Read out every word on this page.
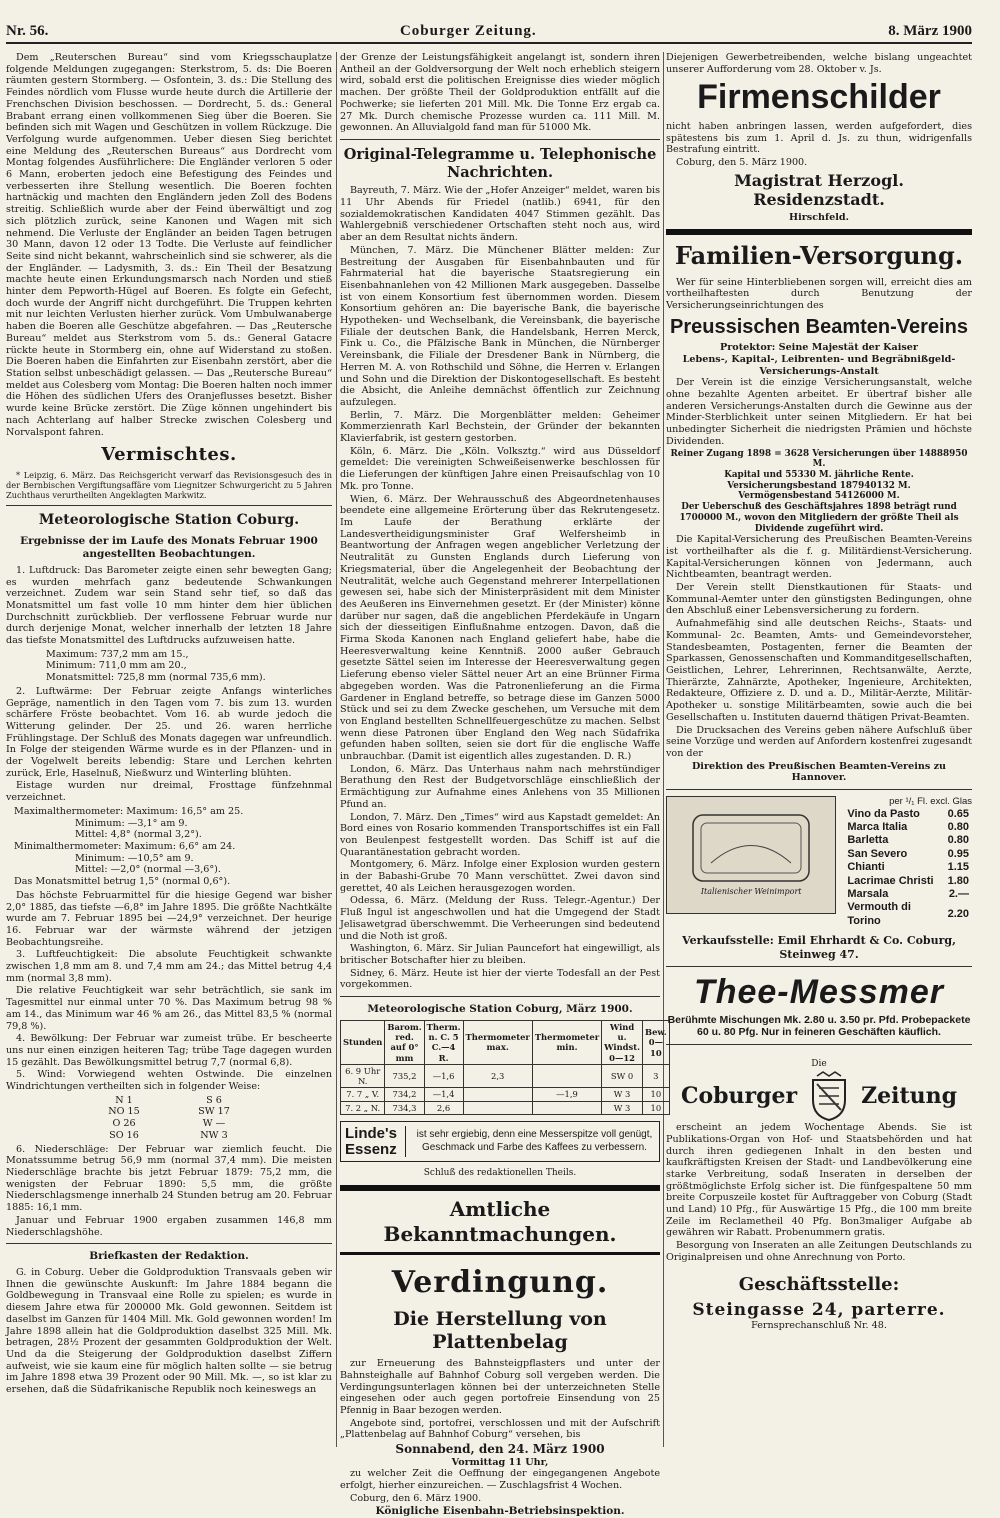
Nr. 56.	Coburger Zeitung.	8. März 1900

Dem „Reuterschen Bureau“ sind vom Kriegsschauplatze folgende Meldungen zugegangen: Sterkstrom, 5. ds: Die Boeren räumten gestern Stormberg. — Osfontein, 3. ds.: Die Stellung des Feindes nördlich vom Flusse wurde heute durch die Artillerie der Frenchschen Division beschossen. — Dordrecht, 5. ds.: General Brabant errang einen vollkommenen Sieg über die Boeren. Sie befinden sich mit Wagen und Geschützen in vollem Rückzuge. Die Verfolgung wurde aufgenommen. Ueber diesen Sieg berichtet eine Meldung des „Reuterschen Bureaus“ aus Dordrecht vom Montag folgendes Ausführlichere: Die Engländer verloren 5 oder 6 Mann, eroberten jedoch eine Befestigung des Feindes und verbesserten ihre Stellung wesentlich. Die Boeren fochten hartnäckig und machten den Engländern jeden Zoll des Bodens streitig. Schließlich wurde aber der Feind überwältigt und zog sich plötzlich zurück, seine Kanonen und Wagen mit sich nehmend. Die Verluste der Engländer an beiden Tagen betrugen 30 Mann, davon 12 oder 13 Todte. Die Verluste auf feindlicher Seite sind nicht bekannt, wahrscheinlich sind sie schwerer, als die der Engländer. — Ladysmith, 3. ds.: Ein Theil der Besatzung machte heute einen Erkundungsmarsch nach Norden und stieß hinter dem Pepworth-Hügel auf Boeren. Es folgte ein Gefecht, doch wurde der Angriff nicht durchgeführt. Die Truppen kehrten mit nur leichten Verlusten hierher zurück. Vom Umbulwanaberge haben die Boeren alle Geschütze abgefahren. — Das „Reutersche Bureau“ meldet aus Sterkstrom vom 5. ds.: General Gatacre rückte heute in Stormberg ein, ohne auf Widerstand zu stoßen. Die Boeren haben die Einfahrten zur Eisenbahn zerstört, aber die Station selbst unbeschädigt gelassen. — Das „Reutersche Bureau“ meldet aus Colesberg vom Montag: Die Boeren halten noch immer die Höhen des südlichen Ufers des Oranjeflusses besetzt. Bisher wurde keine Brücke zerstört. Die Züge können ungehindert bis nach Achterlang auf halber Strecke zwischen Colesberg und Norvalspont fahren.

Vermischtes.

* Leipzig, 6. März. Das Reichsgericht verwarf das Revisionsgesuch des in der Bernbischen Vergiftungsaffäre vom Liegnitzer Schwurgericht zu 5 Jahren Zuchthaus verurtheilten Angeklagten Markwitz.

Meteorologische Station Coburg.
Ergebnisse der im Laufe des Monats Februar 1900 angestellten Beobachtungen.

1. Luftdruck: Das Barometer zeigte einen sehr bewegten Gang; es wurden mehrfach ganz bedeutende Schwankungen verzeichnet. Zudem war sein Stand sehr tief, so daß das Monatsmittel um fast volle 10 mm hinter dem hier üblichen Durchschnitt zurückblieb. Der verflossene Februar wurde nur durch derjenige Monat, welcher innerhalb der letzten 18 Jahre das tiefste Monatsmittel des Luftdrucks aufzuweisen hatte.

Maximum: 737,2 mm am 15.,
Minimum: 711,0 mm am 20.,
Monatsmittel: 725,8 mm (normal 735,6 mm).

2. Luftwärme: Der Februar zeigte Anfangs winterliches Gepräge, namentlich in den Tagen vom 7. bis zum 13. wurden schärfere Fröste beobachtet. Vom 16. ab wurde jedoch die Witterung gelinder. Der 25. und 26. waren herrliche Frühlingstage. Der Schluß des Monats dagegen war unfreundlich. In Folge der steigenden Wärme wurde es in der Pflanzen- und in der Vogelwelt bereits lebendig: Stare und Lerchen kehrten zurück, Erle, Haselnuß, Nießwurz und Winterling blühten.

Eistage wurden nur dreimal, Frosttage fünfzehnmal verzeichnet.

Maximalthermometer: Maximum: 16,5° am 25.
Minimum: —3,1° am 9.
Mittel: 4,8° (normal 3,2°).
Minimalthermometer: Maximum: 6,6° am 24.
Minimum: —10,5° am 9.
Mittel: —2,0° (normal —3,6°).
Das Monatsmittel betrug 1,5° (normal 0,6°).

Das höchste Februarmittel für die hiesige Gegend war bisher 2,0° 1885, das tiefste —6,8° im Jahre 1895. Die größte Nachtkälte wurde am 7. Februar 1895 bei —24,9° verzeichnet. Der heurige 16. Februar war der wärmste während der jetzigen Beobachtungsreihe.

3. Luftfeuchtigkeit: Die absolute Feuchtigkeit schwankte zwischen 1,8 mm am 8. und 7,4 mm am 24.; das Mittel betrug 4,4 mm (normal 3,8 mm).

Die relative Feuchtigkeit war sehr beträchtlich, sie sank im Tagesmittel nur einmal unter 70 %. Das Maximum betrug 98 % am 14., das Minimum war 46 % am 26., das Mittel 83,5 % (normal 79,8 %).

4. Bewölkung: Der Februar war zumeist trübe. Er bescheerte uns nur einen einzigen heiteren Tag; trübe Tage dagegen wurden 15 gezählt. Das Bewölkungsmittel betrug 7,7 (normal 6,8).

5. Wind: Vorwiegend wehten Ostwinde. Die einzelnen Windrichtungen vertheilten sich in folgender Weise:

N 1	S 6
NO 15	SW 17
O 26	W —
SO 16	NW 3

6. Niederschläge: Der Februar war ziemlich feucht. Die Monatssumme betrug 56,9 mm (normal 37,4 mm). Die meisten Niederschläge brachte bis jetzt Februar 1879: 75,2 mm, die wenigsten der Februar 1890: 5,5 mm, die größte Niederschlagsmenge innerhalb 24 Stunden betrug am 20. Februar 1885: 16,1 mm.

Januar und Februar 1900 ergaben zusammen 146,8 mm Niederschlagshöhe.

Briefkasten der Redaktion.

G. in Coburg. Ueber die Goldproduktion Transvaals geben wir Ihnen die gewünschte Auskunft: Im Jahre 1884 begann die Goldbewegung in Transvaal eine Rolle zu spielen; es wurde in diesem Jahre etwa für 200000 Mk. Gold gewonnen. Seitdem ist daselbst im Ganzen für 1404 Mill. Mk. Gold gewonnen worden! Im Jahre 1898 allein hat die Goldproduktion daselbst 325 Mill. Mk. betragen, 28½ Prozent der gesammten Goldproduktion der Welt. Und da die Steigerung der Goldproduktion daselbst Ziffern aufweist, wie sie kaum eine für möglich halten sollte — sie betrug im Jahre 1898 etwa 39 Prozent oder 90 Mill. Mk. —, so ist klar zu ersehen, daß die Südafrikanische Republik noch keineswegs an

der Grenze der Leistungsfähigkeit angelangt ist, sondern ihren Antheil an der Goldversorgung der Welt noch erheblich steigern wird, sobald erst die politischen Ereignisse dies wieder möglich machen. Der größte Theil der Goldproduktion entfällt auf die Pochwerke; sie lieferten 201 Mill. Mk. Die Tonne Erz ergab ca. 27 Mk. Durch chemische Prozesse wurden ca. 111 Mill. M. gewonnen. An Alluvialgold fand man für 51000 Mk.

Original-Telegramme u. Telephonische Nachrichten.

Bayreuth, 7. März. Wie der „Hofer Anzeiger“ meldet, waren bis 11 Uhr Abends für Friedel (natlib.) 6941, für den sozialdemokratischen Kandidaten 4047 Stimmen gezählt. Das Wahlergebniß verschiedener Ortschaften steht noch aus, wird aber an dem Resultat nichts ändern.

München, 7. März. Die Münchener Blätter melden: Zur Bestreitung der Ausgaben für Eisenbahnbauten und für Fahrmaterial hat die bayerische Staatsregierung ein Eisenbahnanlehen von 42 Millionen Mark ausgegeben. Dasselbe ist von einem Konsortium fest übernommen worden. Diesem Konsortium gehören an: Die bayerische Bank, die bayerische Hypotheken- und Wechselbank, die Vereinsbank, die bayerische Filiale der deutschen Bank, die Handelsbank, Herren Merck, Fink u. Co., die Pfälzische Bank in München, die Nürnberger Vereinsbank, die Filiale der Dresdener Bank in Nürnberg, die Herren M. A. von Rothschild und Söhne, die Herren v. Erlangen und Sohn und die Direktion der Diskontogesellschaft. Es besteht die Absicht, die Anleihe demnächst öffentlich zur Zeichnung aufzulegen.

Berlin, 7. März. Die Morgenblätter melden: Geheimer Kommerzienrath Karl Bechstein, der Gründer der bekannten Klavierfabrik, ist gestern gestorben.

Köln, 6. März. Die „Köln. Volksztg.“ wird aus Düsseldorf gemeldet: Die vereinigten Schweißeisenwerke beschlossen für die Lieferungen der künftigen Jahre einen Preisaufschlag von 10 Mk. pro Tonne.

Wien, 6. März. Der Wehrausschuß des Abgeordnetenhauses beendete eine allgemeine Erörterung über das Rekrutengesetz. Im Laufe der Berathung erklärte der Landesvertheidigungsminister Graf Welfersheimb in Beantwortung der Anfragen wegen angeblicher Verletzung der Neutralität zu Gunsten Englands durch Lieferung von Kriegsmaterial, über die Angelegenheit der Beobachtung der Neutralität, welche auch Gegenstand mehrerer Interpellationen gewesen sei, habe sich der Ministerpräsident mit dem Minister des Aeußeren ins Einvernehmen gesetzt. Er (der Minister) könne darüber nur sagen, daß die angeblichen Pferdekäufe in Ungarn sich der diesseitigen Einflußnahme entzogen. Davon, daß die Firma Skoda Kanonen nach England geliefert habe, habe die Heeresverwaltung keine Kenntniß. 2000 außer Gebrauch gesetzte Sättel seien im Interesse der Heeresverwaltung gegen Lieferung ebenso vieler Sättel neuer Art an eine Brünner Firma abgegeben worden. Was die Patronenlieferung an die Firma Gardener in England betreffe, so betrage diese im Ganzen 5000 Stück und sei zu dem Zwecke geschehen, um Versuche mit dem von England bestellten Schnellfeuergeschütze zu machen. Selbst wenn diese Patronen über England den Weg nach Südafrika gefunden haben sollten, seien sie dort für die englische Waffe unbrauchbar. (Damit ist eigentlich alles zugestanden. D. R.)

London, 6. März. Das Unterhaus nahm nach mehrstündiger Berathung den Rest der Budgetvorschläge einschließlich der Ermächtigung zur Aufnahme eines Anlehens von 35 Millionen Pfund an.

London, 7. März. Den „Times“ wird aus Kapstadt gemeldet: An Bord eines von Rosario kommenden Transportschiffes ist ein Fall von Beulenpest festgestellt worden. Das Schiff ist auf die Quarantänestation gebracht worden.

Montgomery, 6. März. Infolge einer Explosion wurden gestern in der Babashi-Grube 70 Mann verschüttet. Zwei davon sind gerettet, 40 als Leichen herausgezogen worden.

Odessa, 6. März. (Meldung der Russ. Telegr.-Agentur.) Der Fluß Ingul ist angeschwollen und hat die Umgegend der Stadt Jelisawetgrad überschwemmt. Die Verheerungen sind bedeutend und die Noth ist groß.

Washington, 6. März. Sir Julian Pauncefort hat eingewilligt, als britischer Botschafter hier zu bleiben.

Sidney, 6. März. Heute ist hier der vierte Todesfall an der Pest vorgekommen.

Meteorologische Station Coburg, März 1900.
Stunden	Barom. red. auf 0° mm	Therm. n. C. 5 C.—4 R.	Thermometer max.	Thermometer min.	Wind u. Windst. 0—12	Bew. 0—10
6. 9 Uhr N.	735,2	—1,6	2,3		SW 0	3
7. 7 „ V.	734,2	—1,4		—1,9	W 3	10
7. 2 „ N.	734,3	2,6			W 3	10
Linde's
Essenz
ist sehr ergiebig, denn eine Messerspitze voll genügt, Geschmack und Farbe des Kaffees zu verbessern.
Schluß des redaktionellen Theils.
Amtliche Bekanntmachungen.
Verdingung.
Die Herstellung von Plattenbelag

zur Erneuerung des Bahnsteigpflasters und unter der Bahnsteighalle auf Bahnhof Coburg soll vergeben werden. Die Verdingungsunterlagen können bei der unterzeichneten Stelle eingesehen oder auch gegen portofreie Einsendung von 25 Pfennig in Baar bezogen werden.

Angebote sind, portofrei, verschlossen und mit der Aufschrift „Plattenbelag auf Bahnhof Coburg“ versehen, bis

Sonnabend, den 24. März 1900
Vormittag 11 Uhr,

zu welcher Zeit die Oeffnung der eingegangenen Angebote erfolgt, hierher einzureichen. — Zuschlagsfrist 4 Wochen.

Coburg, den 6. März 1900.

Königliche Eisenbahn-Betriebsinspektion.

Diejenigen Gewerbetreibenden, welche bislang ungeachtet unserer Aufforderung vom 28. Oktober v. Js.

Firmenschilder

nicht haben anbringen lassen, werden aufgefordert, dies spätestens bis zum 1. April d. Js. zu thun, widrigenfalls Bestrafung eintritt.

Coburg, den 5. März 1900.

Magistrat Herzogl. Residenzstadt.
Hirschfeld.
Familien-Versorgung.

Wer für seine Hinterbliebenen sorgen will, erreicht dies am vortheilhaftesten durch Benutzung der Versicherungseinrichtungen des

Preussischen Beamten-Vereins
Protektor: Seine Majestät der Kaiser
Lebens-, Kapital-, Leibrenten- und Begräbnißgeld-Versicherungs-Anstalt

Der Verein ist die einzige Versicherungsanstalt, welche ohne bezahlte Agenten arbeitet. Er übertraf bisher alle anderen Versicherungs-Anstalten durch die Gewinne aus der Minder-Sterblichkeit unter seinen Mitgliedern. Er hat bei unbedingter Sicherheit die niedrigsten Prämien und höchste Dividenden.

Reiner Zugang 1898 = 3628 Versicherungen über 14888950 M.
Kapital und 55330 M. jährliche Rente.
Versicherungsbestand 187940132 M.
Vermögensbestand 54126000 M.
Der Ueberschuß des Geschäftsjahres 1898 beträgt rund 1700000 M., wovon den Mitgliedern der größte Theil als Dividende zugeführt wird.

Die Kapital-Versicherung des Preußischen Beamten-Vereins ist vortheilhafter als die f. g. Militärdienst-Versicherung. Kapital-Versicherungen können von Jedermann, auch Nichtbeamten, beantragt werden.

Der Verein stellt Dienstkautionen für Staats- und Kommunal-Aemter unter den günstigsten Bedingungen, ohne den Abschluß einer Lebensversicherung zu fordern.

Aufnahmefähig sind alle deutschen Reichs-, Staats- und Kommunal- 2c. Beamten, Amts- und Gemeindevorsteher, Standesbeamten, Postagenten, ferner die Beamten der Sparkassen, Genossenschaften und Kommanditgesellschaften, Geistlichen, Lehrer, Lehrerinnen, Rechtsanwälte, Aerzte, Thierärzte, Zahnärzte, Apotheker, Ingenieure, Architekten, Redakteure, Offiziere z. D. und a. D., Militär-Aerzte, Militär-Apotheker u. sonstige Militärbeamten, sowie auch die bei Gesellschaften u. Instituten dauernd thätigen Privat-Beamten.

Die Drucksachen des Vereins geben nähere Aufschluß über seine Vorzüge und werden auf Anfordern kostenfrei zugesandt von der

Direktion des Preußischen Beamten-Vereins zu Hannover.
Italienischer Weinimport
per ¹/₁ Fl. excl. Glas
Vino da Pasto	0.65
Marca Italia	0.80
Barletta	0.80
San Severo	0.95
Chianti	1.15
Lacrimae Christi	1.80
Marsala	2.—
Vermouth di Torino	2.20
Verkaufsstelle: Emil Ehrhardt & Co. Coburg, Steinweg 47.
Thee-Messmer
Berühmte Mischungen Mk. 2.80 u. 3.50 pr. Pfd. Probepackete 60 u. 80 Pfg. Nur in feineren Geschäften käuflich.
Die
Coburger	Zeitung

erscheint an jedem Wochentage Abends. Sie ist Publikations-Organ von Hof- und Staatsbehörden und hat durch ihren gediegenen Inhalt in den besten und kaufkräftigsten Kreisen der Stadt- und Landbevölkerung eine starke Verbreitung, sodaß Inseraten in derselben der größtmöglichste Erfolg sicher ist. Die fünfgespaltene 50 mm breite Corpuszeile kostet für Auftraggeber von Coburg (Stadt und Land) 10 Pfg., für Auswärtige 15 Pfg., die 100 mm breite Zeile im Reclametheil 40 Pfg. Bon3maliger Aufgabe ab gewähren wir Rabatt. Probenummern gratis.

Besorgung von Inseraten an alle Zeitungen Deutschlands zu Originalpreisen und ohne Anrechnung von Porto.

Geschäftsstelle:
Steingasse 24, parterre.
Fernsprechanschluß Nr. 48.
